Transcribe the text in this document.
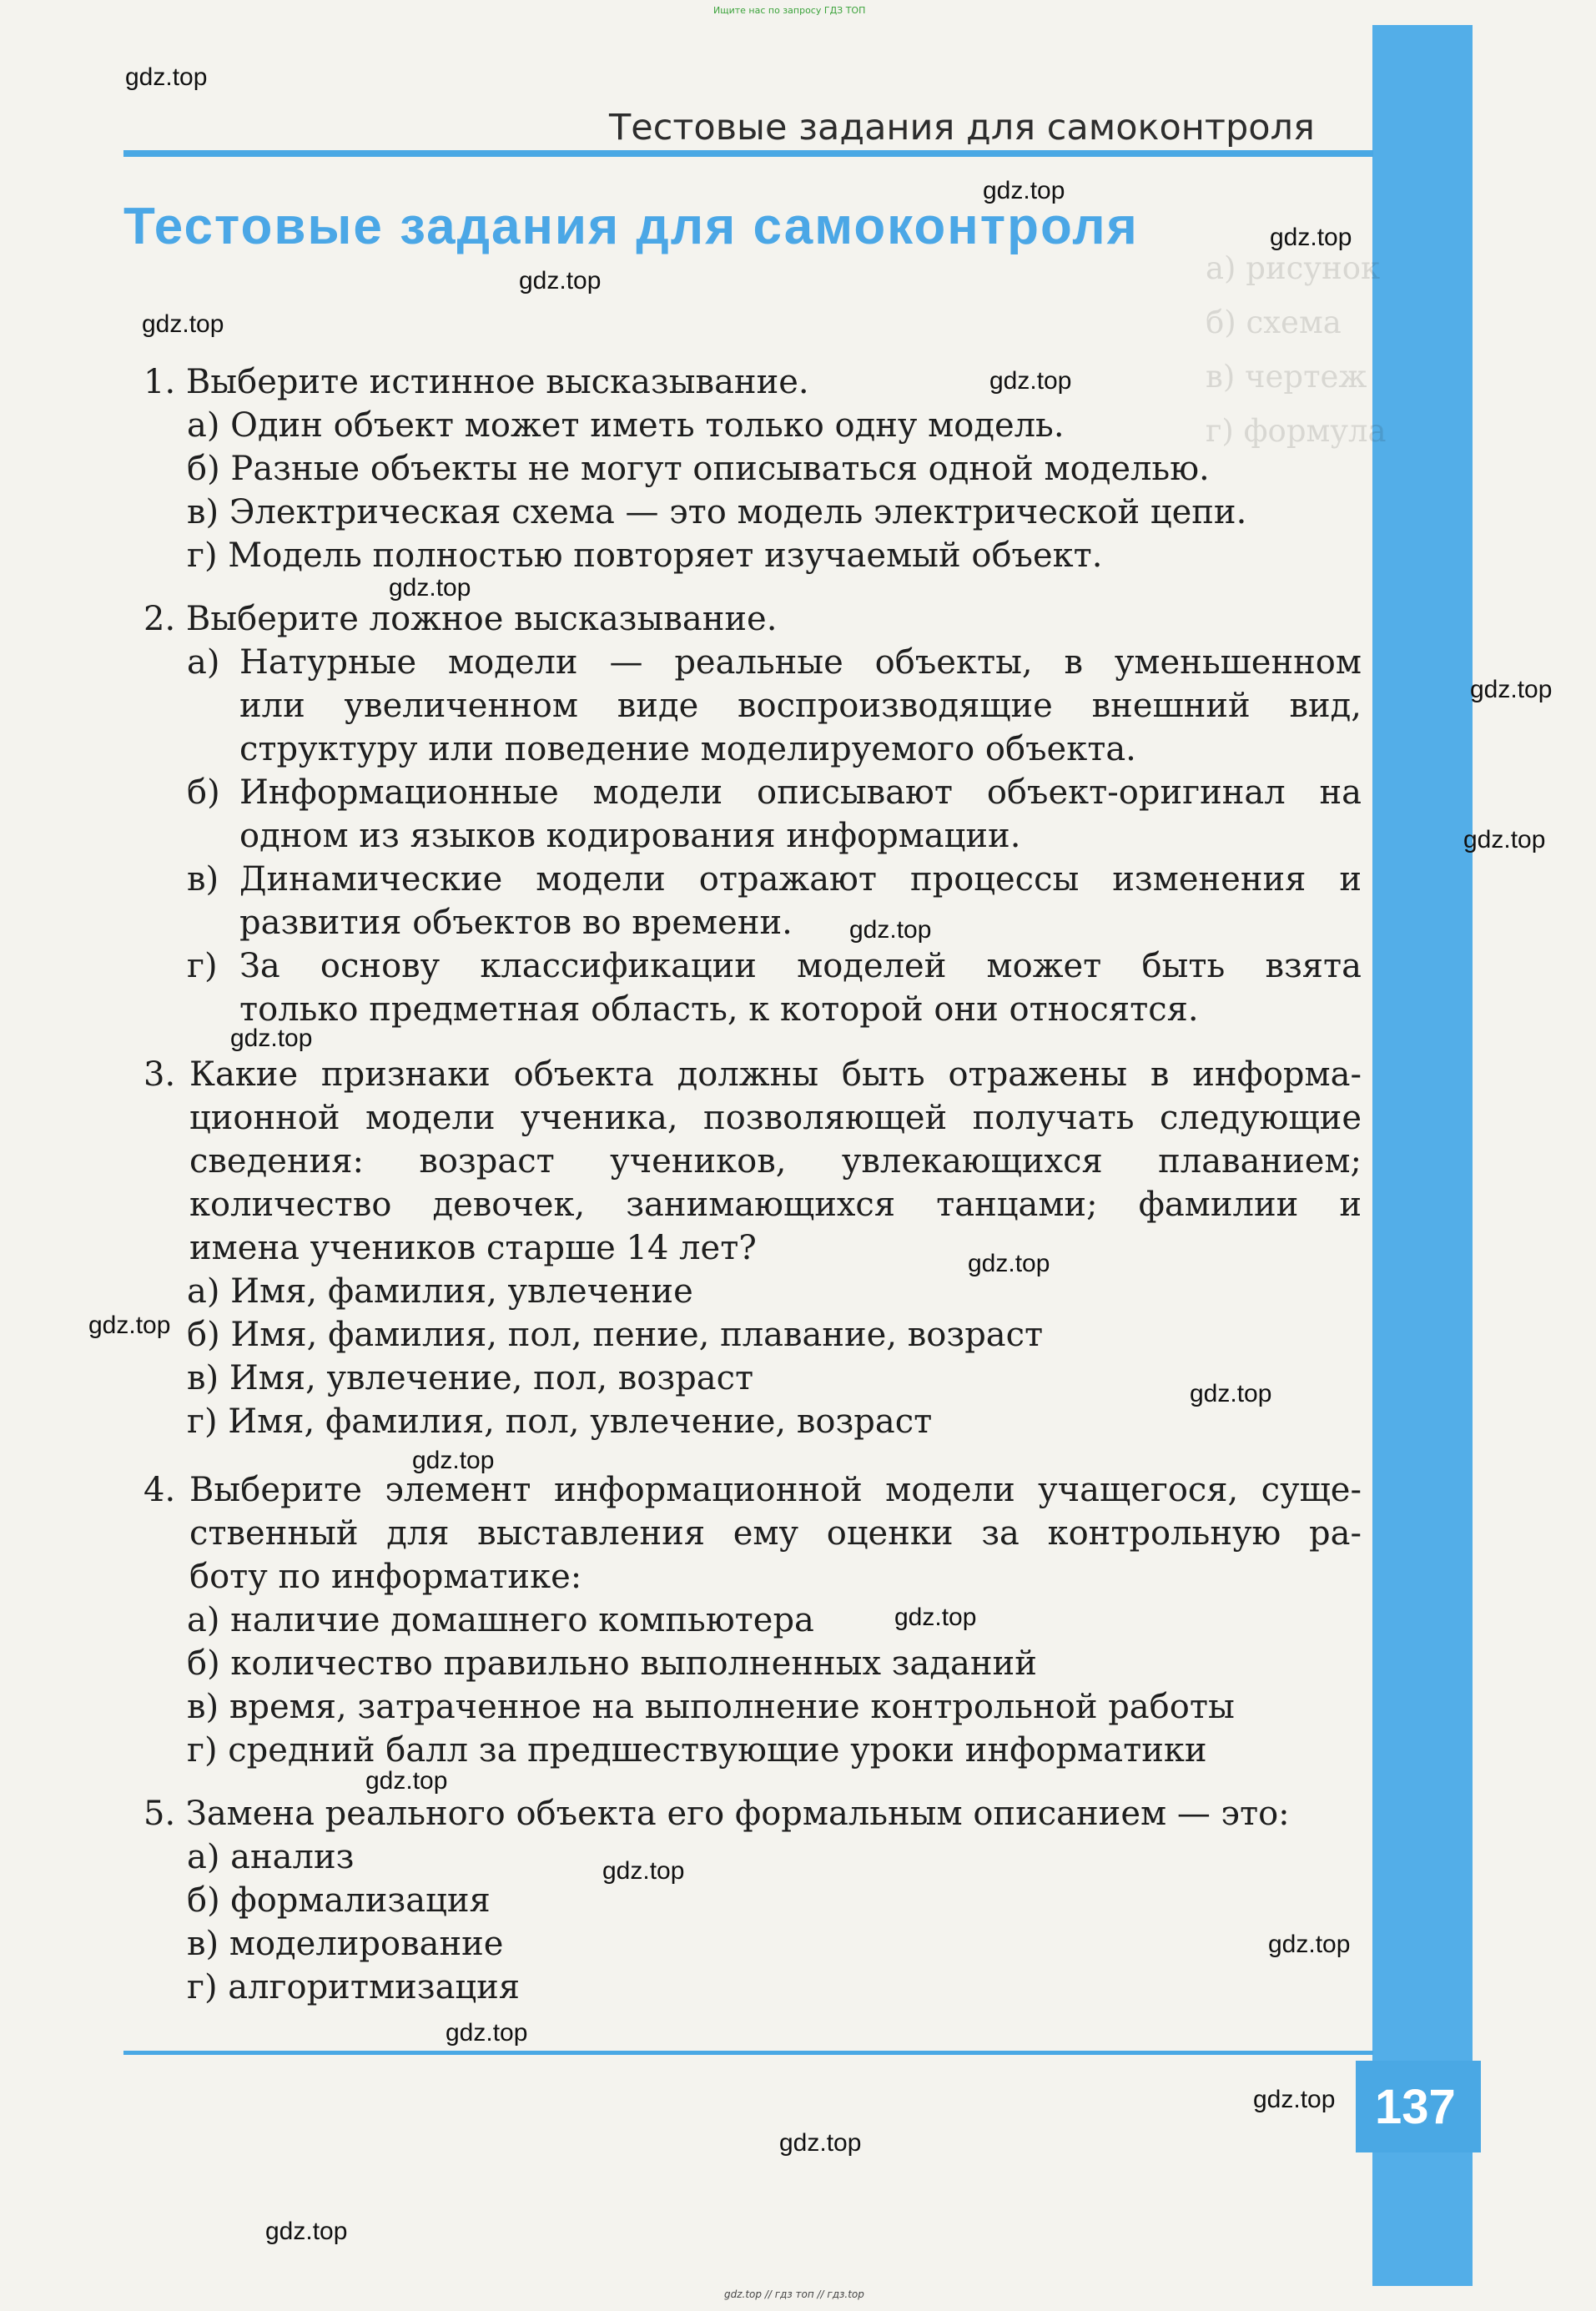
Ищите нас по запросу ГДЗ ТОП
Тестовые задания для самоконтроля
Тестовые задания для самоконтроля
а) рисунок
б) схема
в) чертеж
г) формула
1. Выберите истинное высказывание.
а) Один объект может иметь только одну модель.
б) Разные объекты не могут описываться одной моделью.
в) Электрическая схема — это модель электрической цепи.
г) Модель полностью повторяет изучаемый объект.
2. Выберите ложное высказывание.
а) Натурные модели — реальные объекты, в уменьшенном
или увеличенном виде воспроизводящие внешний вид,
структуру или поведение моделируемого объекта.
б) Информационные модели описывают объект-оригинал на
одном из языков кодирования информации.
в) Динамические модели отражают процессы изменения и
развития объектов во времени.
г) За основу классификации моделей может быть взята
только предметная область, к которой они относятся.
3. Какие признаки объекта должны быть отражены в информа-
ционной модели ученика, позволяющей получать следующие
сведения: возраст учеников, увлекающихся плаванием;
количество девочек, занимающихся танцами; фамилии и
имена учеников старше 14 лет?
а) Имя, фамилия, увлечение
б) Имя, фамилия, пол, пение, плавание, возраст
в) Имя, увлечение, пол, возраст
г) Имя, фамилия, пол, увлечение, возраст
4. Выберите элемент информационной модели учащегося, суще-
ственный для выставления ему оценки за контрольную ра-
боту по информатике:
а) наличие домашнего компьютера
б) количество правильно выполненных заданий
в) время, затраченное на выполнение контрольной работы
г) средний балл за предшествующие уроки информатики
5. Замена реального объекта его формальным описанием — это:
а) анализ
б) формализация
в) моделирование
г) алгоритмизация
137
gdz.top // гдз топ // гдз.top
gdz.top
gdz.top
gdz.top
gdz.top
gdz.top
gdz.top
gdz.top
gdz.top
gdz.top
gdz.top
gdz.top
gdz.top
gdz.top
gdz.top
gdz.top
gdz.top
gdz.top
gdz.top
gdz.top
gdz.top
gdz.top
gdz.top
gdz.top
